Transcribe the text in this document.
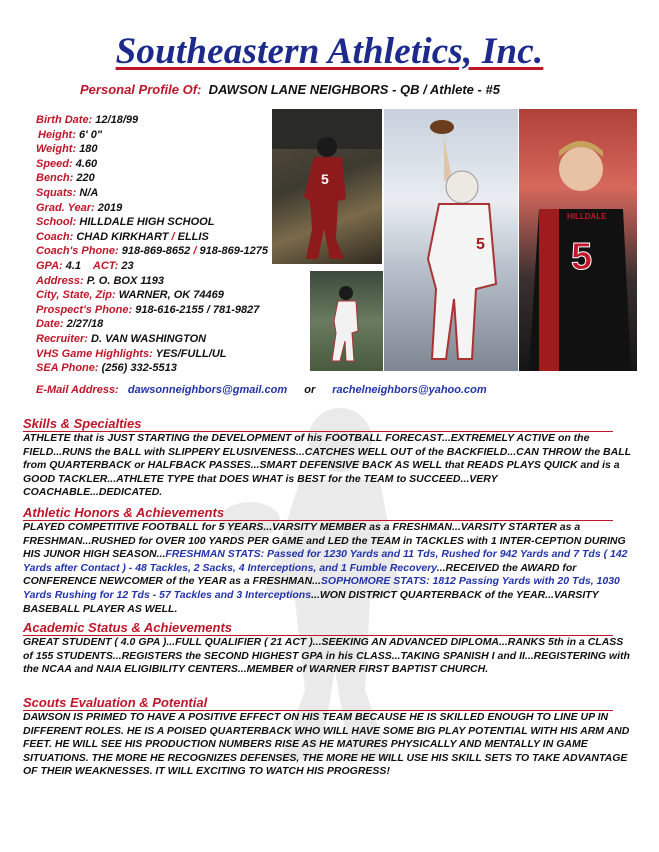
Southeastern Athletics, Inc.
Personal Profile Of: DAWSON LANE NEIGHBORS - QB / Athlete - #5
Birth Date: 12/18/99
Height: 6' 0"
Weight: 180
Speed: 4.60
Bench: 220
Squats: N/A
Grad. Year: 2019
School: HILLDALE HIGH SCHOOL
Coach: CHAD KIRKHART / ELLIS
Coach's Phone: 918-869-8652 / 918-869-1275
GPA: 4.1 ACT: 23
Address: P. O. BOX 1193
City, State, Zip: WARNER, OK 74469
Prospect's Phone: 918-616-2155 / 781-9827
Date: 2/27/18
Recruiter: D. VAN WASHINGTON
VHS Game Highlights: YES/FULL/UL
SEA Phone: (256) 332-5513
E-Mail Address: dawsonneighbors@gmail.com or rachelneighbors@yahoo.com
5
5
HILLDALE
5
Skills & Specialties
ATHLETE that is JUST STARTING the DEVELOPMENT of his FOOTBALL FORECAST...EXTREMELY ACTIVE on the FIELD...RUNS the BALL with SLIPPERY ELUSIVENESS...CATCHES WELL OUT of the BACKFIELD...CAN THROW the BALL from QUARTERBACK or HALFBACK PASSES...SMART DEFENSIVE BACK AS WELL that READS PLAYS QUICK and is a GOOD TACKLER...ATHLETE TYPE that DOES WHAT is BEST for the TEAM to SUCCEED...VERY COACHABLE...DEDICATED.
Athletic Honors & Achievements
PLAYED COMPETITIVE FOOTBALL for 5 YEARS...VARSITY MEMBER as a FRESHMAN...VARSITY STARTER as a FRESHMAN...RUSHED for OVER 100 YARDS PER GAME and LED the TEAM in TACKLES with 1 INTER-CEPTION DURING HIS JUNOR HIGH SEASON...FRESHMAN STATS: Passed for 1230 Yards and 11 Tds, Rushed for 942 Yards and 7 Tds ( 142 Yards after Contact ) - 48 Tackles, 2 Sacks, 4 Interceptions, and 1 Fumble Recovery...RECEIVED the AWARD for CONFERENCE NEWCOMER of the YEAR as a FRESHMAN...SOPHOMORE STATS: 1812 Passing Yards with 20 Tds, 1030 Yards Rushing for 12 Tds - 57 Tackles and 3 Interceptions...WON DISTRICT QUARTERBACK of the YEAR...VARSITY BASEBALL PLAYER AS WELL.
Academic Status & Achievements
GREAT STUDENT ( 4.0 GPA )...FULL QUALIFIER ( 21 ACT )...SEEKING AN ADVANCED DIPLOMA...RANKS 5th in a CLASS of 155 STUDENTS...REGISTERS the SECOND HIGHEST GPA in his CLASS...TAKING SPANISH I and II...REGISTERING with the NCAA and NAIA ELIGIBILITY CENTERS...MEMBER of WARNER FIRST BAPTIST CHURCH.
Scouts Evaluation & Potential
DAWSON IS PRIMED TO HAVE A POSITIVE EFFECT ON HIS TEAM BECAUSE HE IS SKILLED ENOUGH TO LINE UP IN DIFFERENT ROLES. HE IS A POISED QUARTERBACK WHO WILL HAVE SOME BIG PLAY POTENTIAL WITH HIS ARM AND FEET. HE WILL SEE HIS PRODUCTION NUMBERS RISE AS HE MATURES PHYSICALLY AND MENTALLY IN GAME SITUATIONS. THE MORE HE RECOGNIZES DEFENSES, THE MORE HE WILL USE HIS SKILL SETS TO TAKE ADVANTAGE OF THEIR WEAKNESSES. IT WILL EXCITING TO WATCH HIS PROGRESS!
